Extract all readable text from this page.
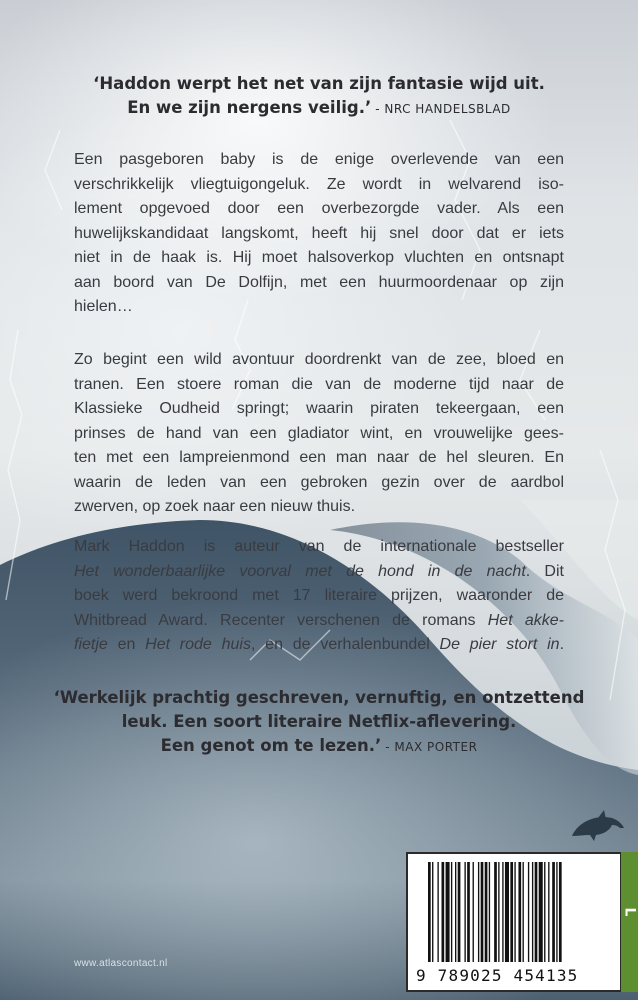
‘Haddon werpt het net van zijn fantasie wijd uit.
En we zijn nergens veilig.’ - NRC HANDELSBLAD
Een pasgeboren baby is de enige overlevende van een
verschrikkelijk vliegtuigongeluk. Ze wordt in welvarend iso-
lement opgevoed door een overbezorgde vader. Als een
huwelijkskandidaat langskomt, heeft hij snel door dat er iets
niet in de haak is. Hij moet halsoverkop vluchten en ontsnapt
aan boord van De Dolfijn, met een huurmoordenaar op zijn
hielen…
Zo begint een wild avontuur doordrenkt van de zee, bloed en
tranen. Een stoere roman die van de moderne tijd naar de
Klassieke Oudheid springt; waarin piraten tekeergaan, een
prinses de hand van een gladiator wint, en vrouwelijke gees-
ten met een lampreienmond een man naar de hel sleuren. En
waarin de leden van een gebroken gezin over de aardbol
zwerven, op zoek naar een nieuw thuis.
Mark Haddon is auteur van de internationale bestseller
Het wonderbaarlijke voorval met de hond in de nacht. Dit
boek werd bekroond met 17 literaire prijzen, waaronder de
Whitbread Award. Recenter verschenen de romans Het akke-
fietje en Het rode huis, en de verhalenbundel De pier stort in.
‘Werkelijk prachtig geschreven, vernuftig, en ontzettend
leuk. Een soort literaire Netflix-aflevering.
Een genot om te lezen.’ - MAX PORTER
www.atlascontact.nl
9 789025 454135
L
